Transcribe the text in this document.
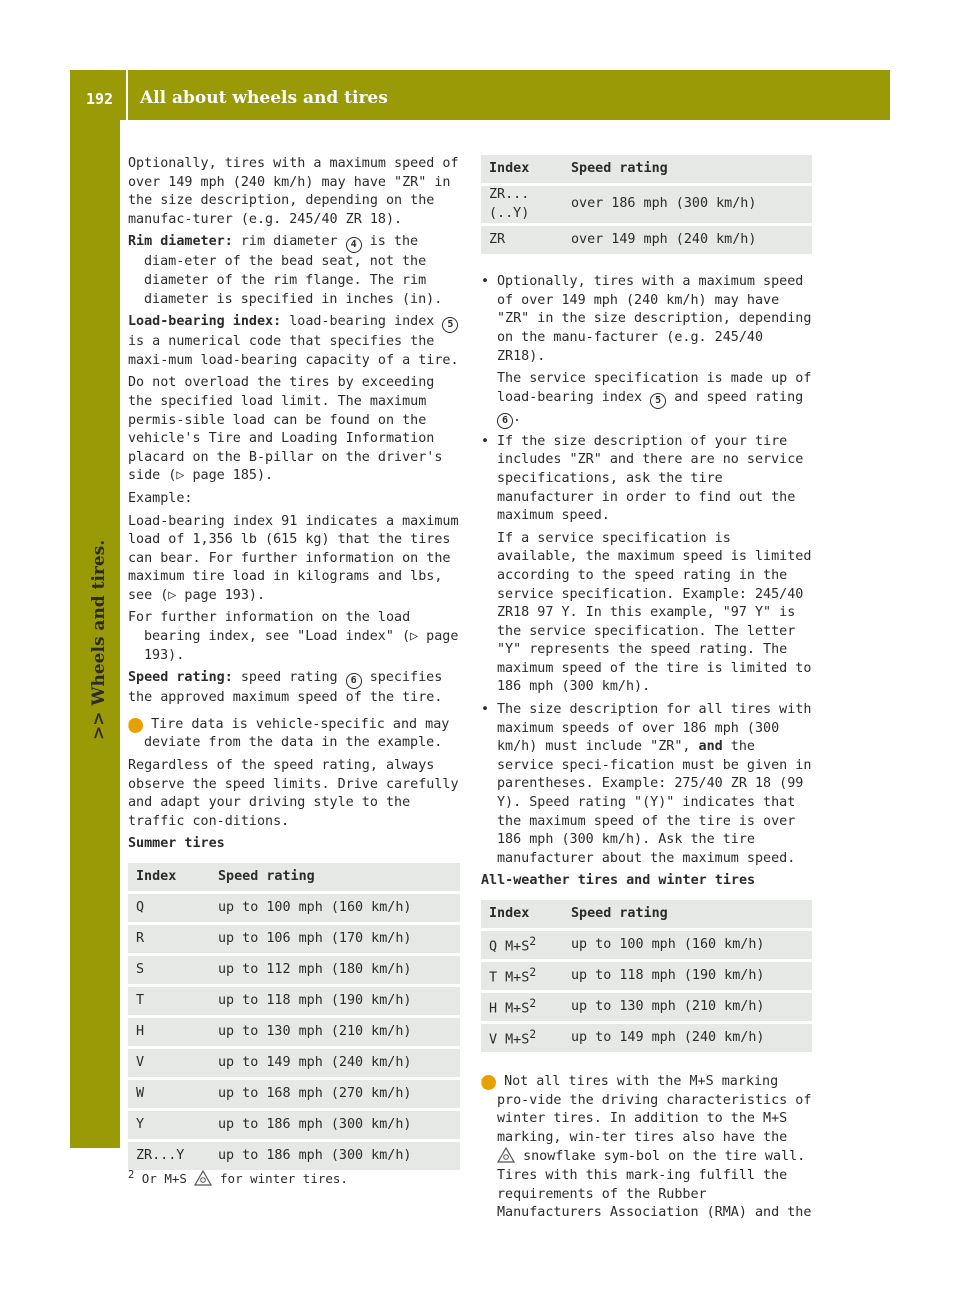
192 All about wheels and tires
>> Wheels and tires.

Optionally, tires with a maximum speed of over 149 mph (240 km/h) may have "ZR" in the size description, depending on the manufac-turer (e.g. 245/40 ZR 18).

Rim diameter: rim diameter 4 is the diam-eter of the bead seat, not the diameter of the rim flange. The rim diameter is specified in inches (in).

Load-bearing index: load-bearing index 5 is a numerical code that specifies the maxi-mum load-bearing capacity of a tire.

Do not overload the tires by exceeding the specified load limit. The maximum permis-sible load can be found on the vehicle's Tire and Loading Information placard on the B-pillar on the driver's side (▷ page 185).

Example:

Load-bearing index 91 indicates a maximum load of 1,356 lb (615 kg) that the tires can bear. For further information on the maximum tire load in kilograms and lbs, see (▷ page 193).

For further information on the load bearing index, see "Load index" (▷ page 193).

Speed rating: speed rating 6 specifies the approved maximum speed of the tire.

i Tire data is vehicle-specific and may deviate from the data in the example.

Regardless of the speed rating, always observe the speed limits. Drive carefully and adapt your driving style to the traffic con-ditions.

Summer tires

Index	Speed rating
Q	up to 100 mph (160 km/h)
R	up to 106 mph (170 km/h)
S	up to 112 mph (180 km/h)
T	up to 118 mph (190 km/h)
H	up to 130 mph (210 km/h)
V	up to 149 mph (240 km/h)
W	up to 168 mph (270 km/h)
Y	up to 186 mph (300 km/h)
ZR...Y	up to 186 mph (300 km/h)
Index	Speed rating
ZR...(..Y)	over 186 mph (300 km/h)
ZR	over 149 mph (240 km/h)

• Optionally, tires with a maximum speed of over 149 mph (240 km/h) may have "ZR" in the size description, depending on the manu-facturer (e.g. 245/40 ZR18).

The service specification is made up of load-bearing index 5 and speed rating 6 .

• If the size description of your tire includes "ZR" and there are no service specifications, ask the tire manufacturer in order to find out the maximum speed.

If a service specification is available, the maximum speed is limited according to the speed rating in the service specification. Example: 245/40 ZR18 97 Y. In this example, "97 Y" is the service specification. The letter "Y" represents the speed rating. The maximum speed of the tire is limited to 186 mph (300 km/h).

• The size description for all tires with maximum speeds of over 186 mph (300 km/h) must include "ZR", and the service speci-fication must be given in parentheses. Example: 275/40 ZR 18 (99 Y). Speed rating "(Y)" indicates that the maximum speed of the tire is over 186 mph (300 km/h). Ask the tire manufacturer about the maximum speed.

All-weather tires and winter tires

Index	Speed rating
Q $M+S^2$	up to 100 mph (160 km/h)
T $M+S^2$	up to 118 mph (190 km/h)
H $M+S^2$	up to 130 mph (210 km/h)
V $M+S^2$	up to 149 mph (240 km/h)

i Not all tires with the M+S marking pro-vide the driving characteristics of winter tires. In addition to the M+S marking, win-ter tires also have the  snowflake sym-bol on the tire wall. Tires with this mark-ing fulfill the requirements of the Rubber Manufacturers Association (RMA) and the

$^2$ Or M+S	for winter tires.
